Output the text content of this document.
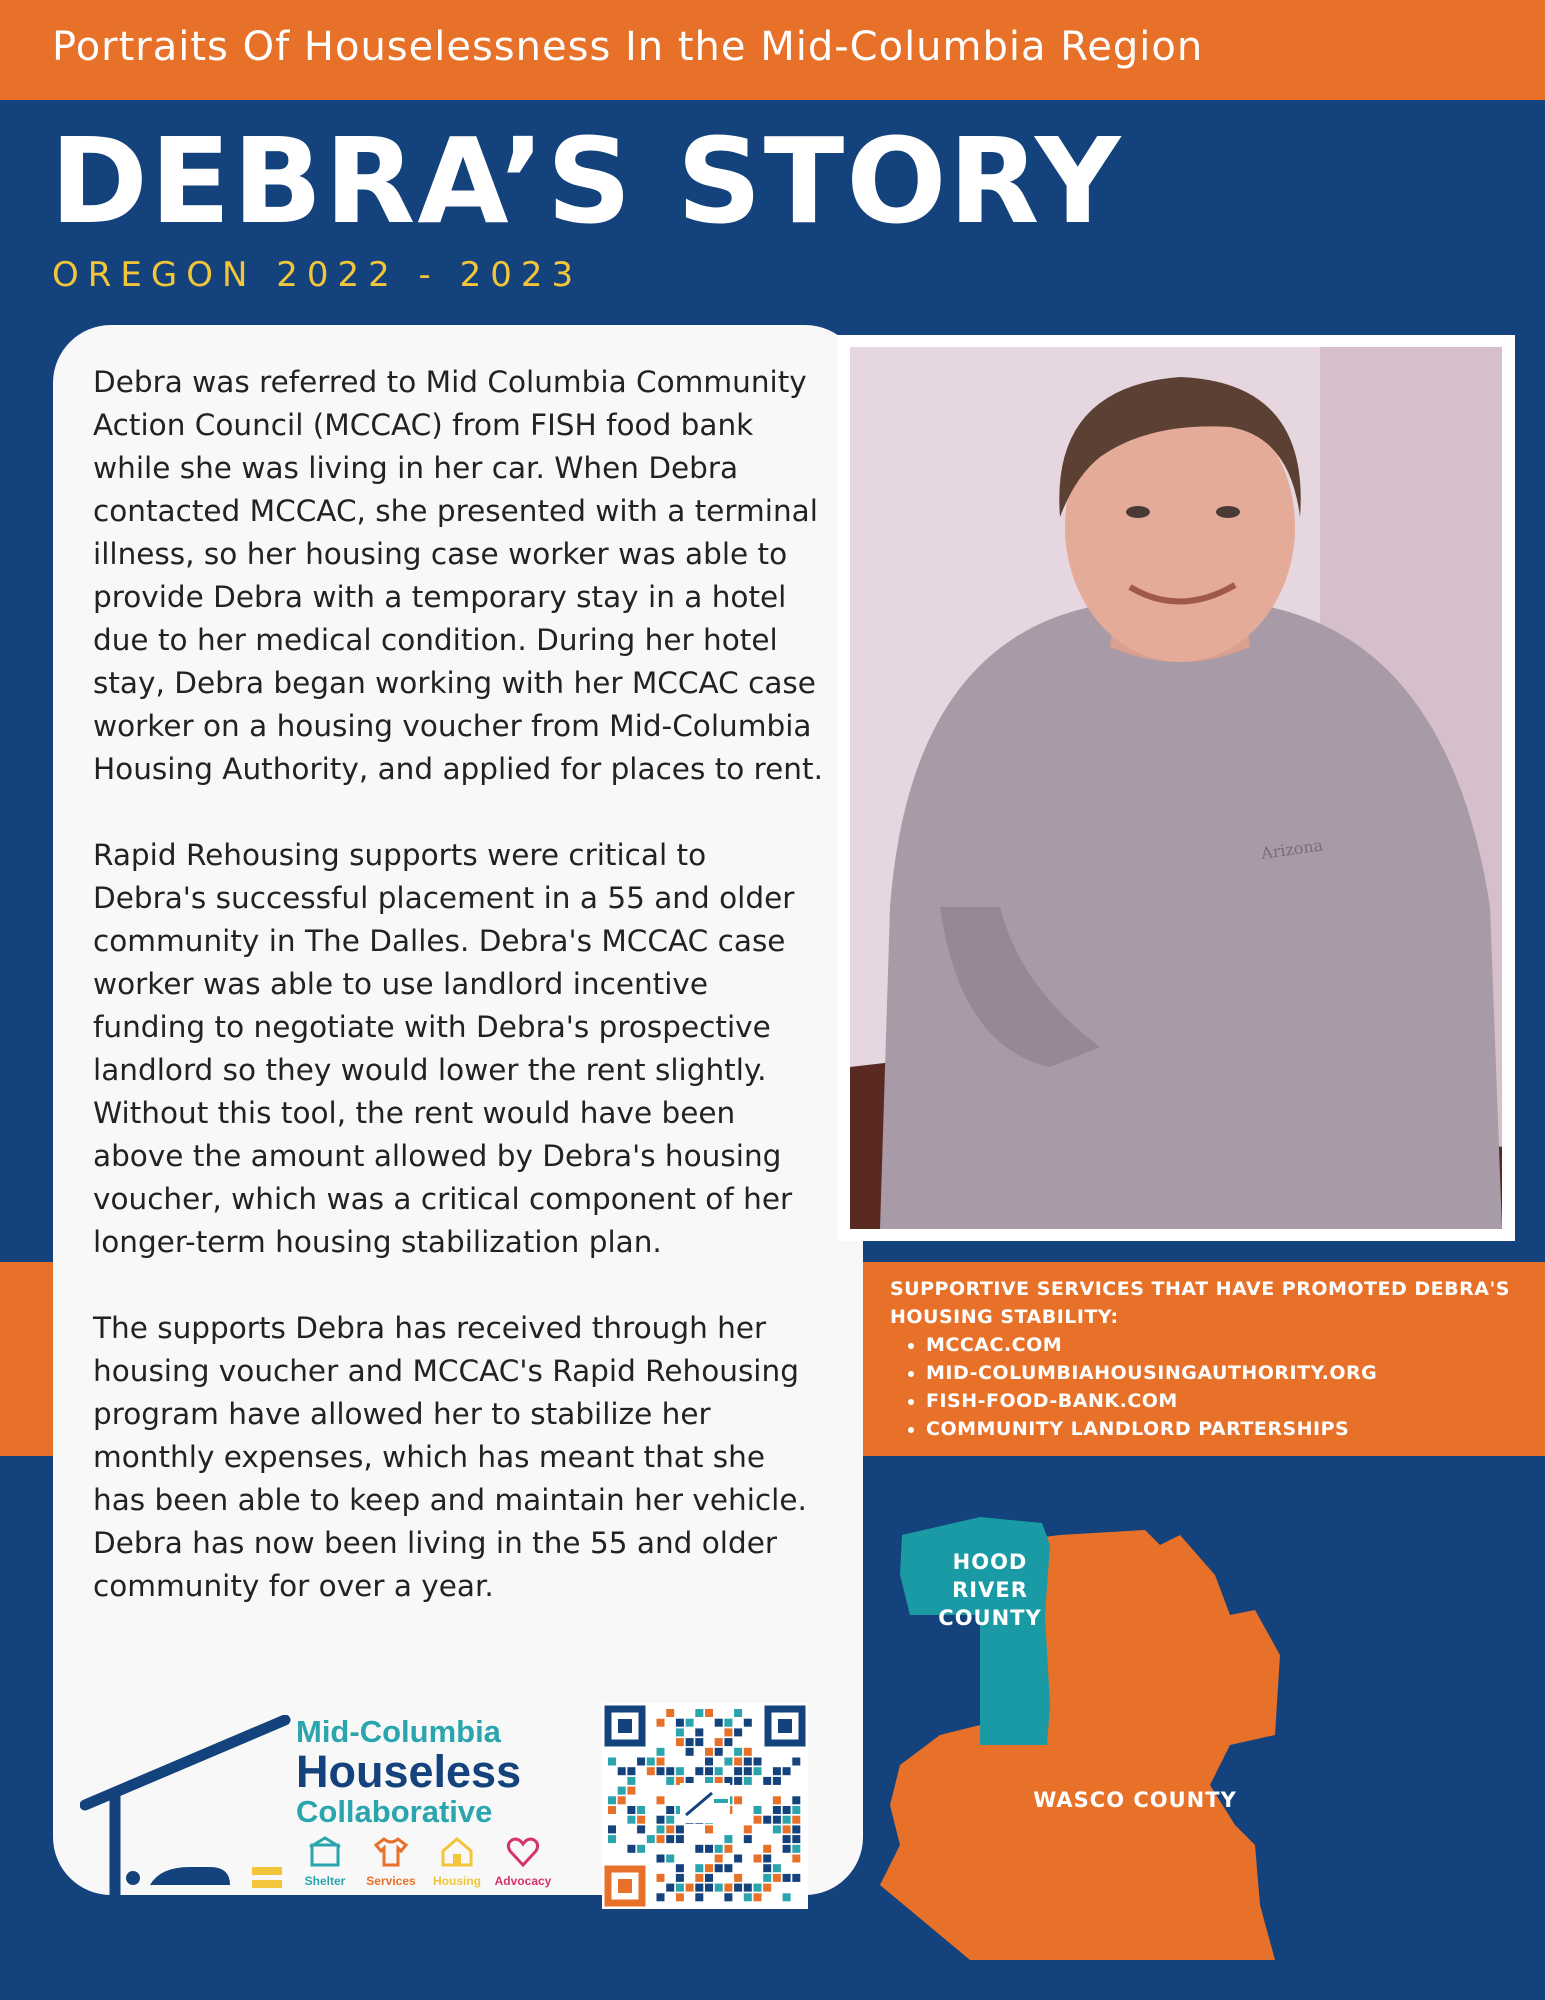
Portraits Of Houselessness In the Mid-Columbia Region
DEBRA’S STORY
OREGON 2022 - 2023

Debra was referred to Mid Columbia Community Action Council (MCCAC) from FISH food bank while she was living in her car. When Debra contacted MCCAC, she presented with a terminal illness, so her housing case worker was able to provide Debra with a temporary stay in a hotel due to her medical condition. During her hotel stay, Debra began working with her MCCAC case worker on a housing voucher from Mid-Columbia Housing Authority, and applied for places to rent.

Rapid Rehousing supports were critical to Debra's successful placement in a 55 and older community in The Dalles. Debra's MCCAC case worker was able to use landlord incentive funding to negotiate with Debra's prospective landlord so they would lower the rent slightly. Without this tool, the rent would have been above the amount allowed by Debra's housing voucher, which was a critical component of her longer-term housing stabilization plan.

The supports Debra has received through her housing voucher and MCCAC's Rapid Rehousing program have allowed her to stabilize her monthly expenses, which has meant that she has been able to keep and maintain her vehicle. Debra has now been living in the 55 and older community for over a year.

Arizona
SUPPORTIVE SERVICES THAT HAVE PROMOTED DEBRA'S HOUSING STABILITY:
• MCCAC.COM
• MID-COLUMBIAHOUSINGAUTHORITY.ORG
• FISH-FOOD-BANK.COM
• COMMUNITY LANDLORD PARTERSHIPS
Mid-Columbia
Houseless
Collaborative
Shelter	Services	Housing	Advocacy
HOOD RIVER COUNTY
WASCO COUNTY
